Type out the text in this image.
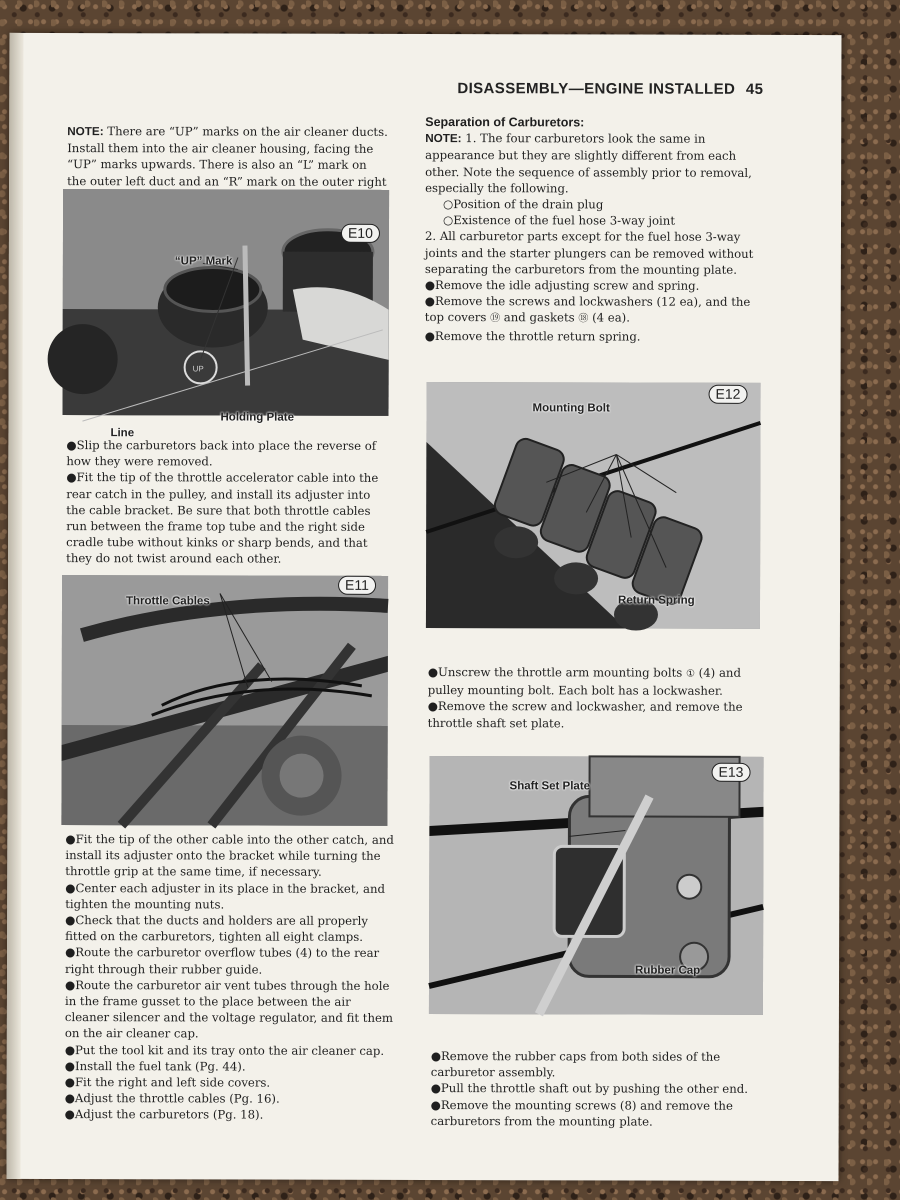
DISASSEMBLY—ENGINE INSTALLED 45

NOTE: There are “UP” marks on the air cleaner ducts. Install them into the air cleaner housing, facing the “UP” marks upwards. There is also an “L” mark on the outer left duct and an “R” mark on the outer right

UP
E10
“UP” Mark
Holding Plate
Line

●Slip the carburetors back into place the reverse of how they were removed.

●Fit the tip of the throttle accelerator cable into the rear catch in the pulley, and install its adjuster into the cable bracket. Be sure that both throttle cables run between the frame top tube and the right side cradle tube without kinks or sharp bends, and that they do not twist around each other.

E11
Throttle Cables

●Fit the tip of the other cable into the other catch, and install its adjuster onto the bracket while turning the throttle grip at the same time, if necessary.

●Center each adjuster in its place in the bracket, and tighten the mounting nuts.

●Check that the ducts and holders are all properly fitted on the carburetors, tighten all eight clamps.

●Route the carburetor overflow tubes (4) to the rear right through their rubber guide.

●Route the carburetor air vent tubes through the hole in the frame gusset to the place between the air cleaner silencer and the voltage regulator, and fit them on the air cleaner cap.

●Put the tool kit and its tray onto the air cleaner cap.

●Install the fuel tank (Pg. 44).

●Fit the right and left side covers.

●Adjust the throttle cables (Pg. 16).

●Adjust the carburetors (Pg. 18).

Separation of Carburetors:

NOTE: 1. The four carburetors look the same in appearance but they are slightly different from each other. Note the sequence of assembly prior to removal, especially the following.

○Position of the drain plug

○Existence of the fuel hose 3-way joint

2. All carburetor parts except for the fuel hose 3-way joints and the starter plungers can be removed without separating the carburetors from the mounting plate.

●Remove the idle adjusting screw and spring.

●Remove the screws and lockwashers (12 ea), and the top covers ⑲ and gaskets ⑱ (4 ea).

●Remove the throttle return spring.

E12
Mounting Bolt
Return Spring

●Unscrew the throttle arm mounting bolts ① (4) and pulley mounting bolt. Each bolt has a lockwasher.

●Remove the screw and lockwasher, and remove the throttle shaft set plate.

E13
Shaft Set Plate
Rubber Cap

●Remove the rubber caps from both sides of the carburetor assembly.

●Pull the throttle shaft out by pushing the other end.

●Remove the mounting screws (8) and remove the carburetors from the mounting plate.
